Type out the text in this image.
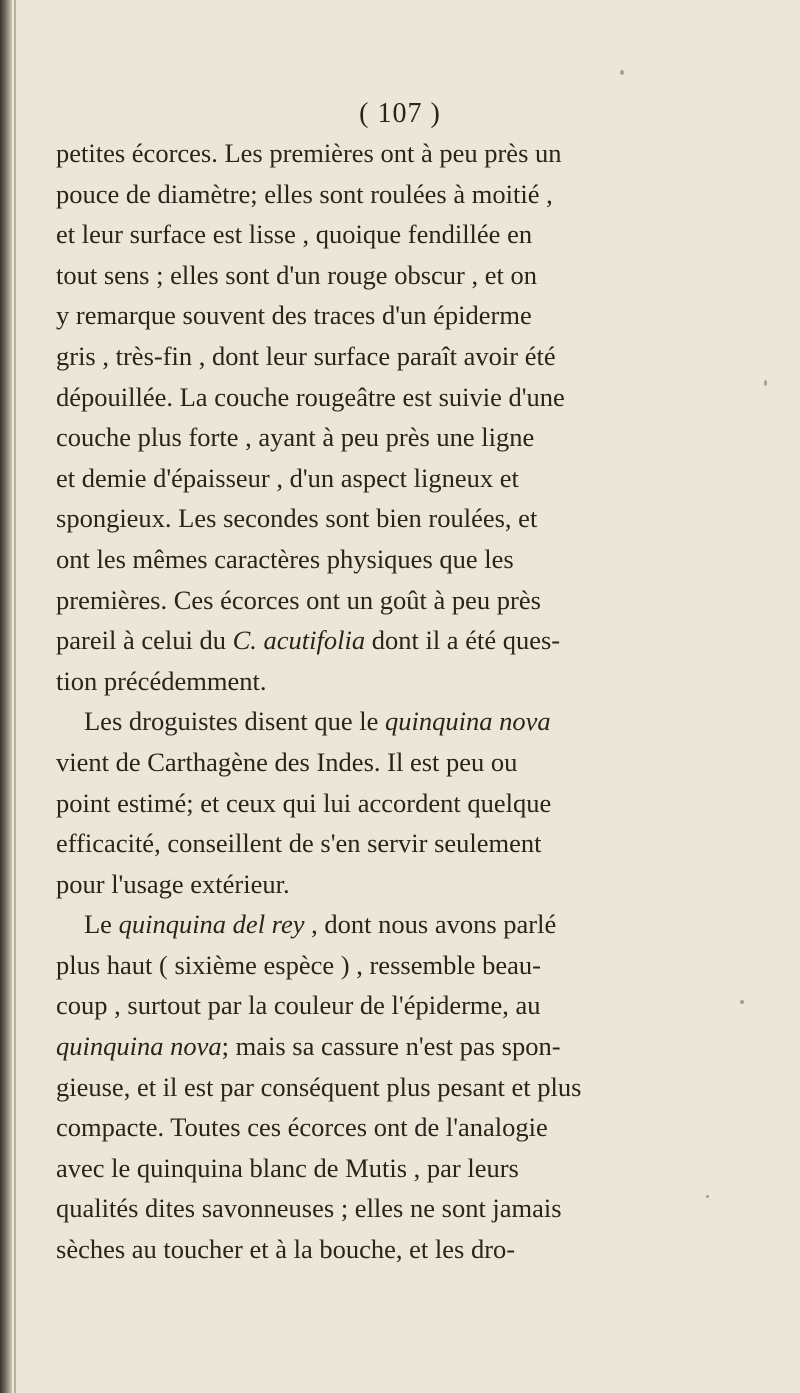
( 107 )
petites écorces. Les premières ont à peu près un
pouce de diamètre; elles sont roulées à moitié ,
et leur surface est lisse , quoique fendillée en
tout sens ; elles sont d'un rouge obscur , et on
y remarque souvent des traces d'un épiderme
gris , très-fin , dont leur surface paraît avoir été
dépouillée. La couche rougeâtre est suivie d'une
couche plus forte , ayant à peu près une ligne
et demie d'épaisseur , d'un aspect ligneux et
spongieux. Les secondes sont bien roulées, et
ont les mêmes caractères physiques que les
premières. Ces écorces ont un goût à peu près
pareil à celui du C. acutifolia dont il a été ques-
tion précédemment.
Les droguistes disent que le quinquina nova
vient de Carthagène des Indes. Il est peu ou
point estimé; et ceux qui lui accordent quelque
efficacité, conseillent de s'en servir seulement
pour l'usage extérieur.
Le quinquina del rey , dont nous avons parlé
plus haut ( sixième espèce ) , ressemble beau-
coup , surtout par la couleur de l'épiderme, au
quinquina nova ; mais sa cassure n'est pas spon-
gieuse, et il est par conséquent plus pesant et plus
compacte. Toutes ces écorces ont de l'analogie
avec le quinquina blanc de Mutis , par leurs
qualités dites savonneuses ; elles ne sont jamais
sèches au toucher et à la bouche, et les dro-
